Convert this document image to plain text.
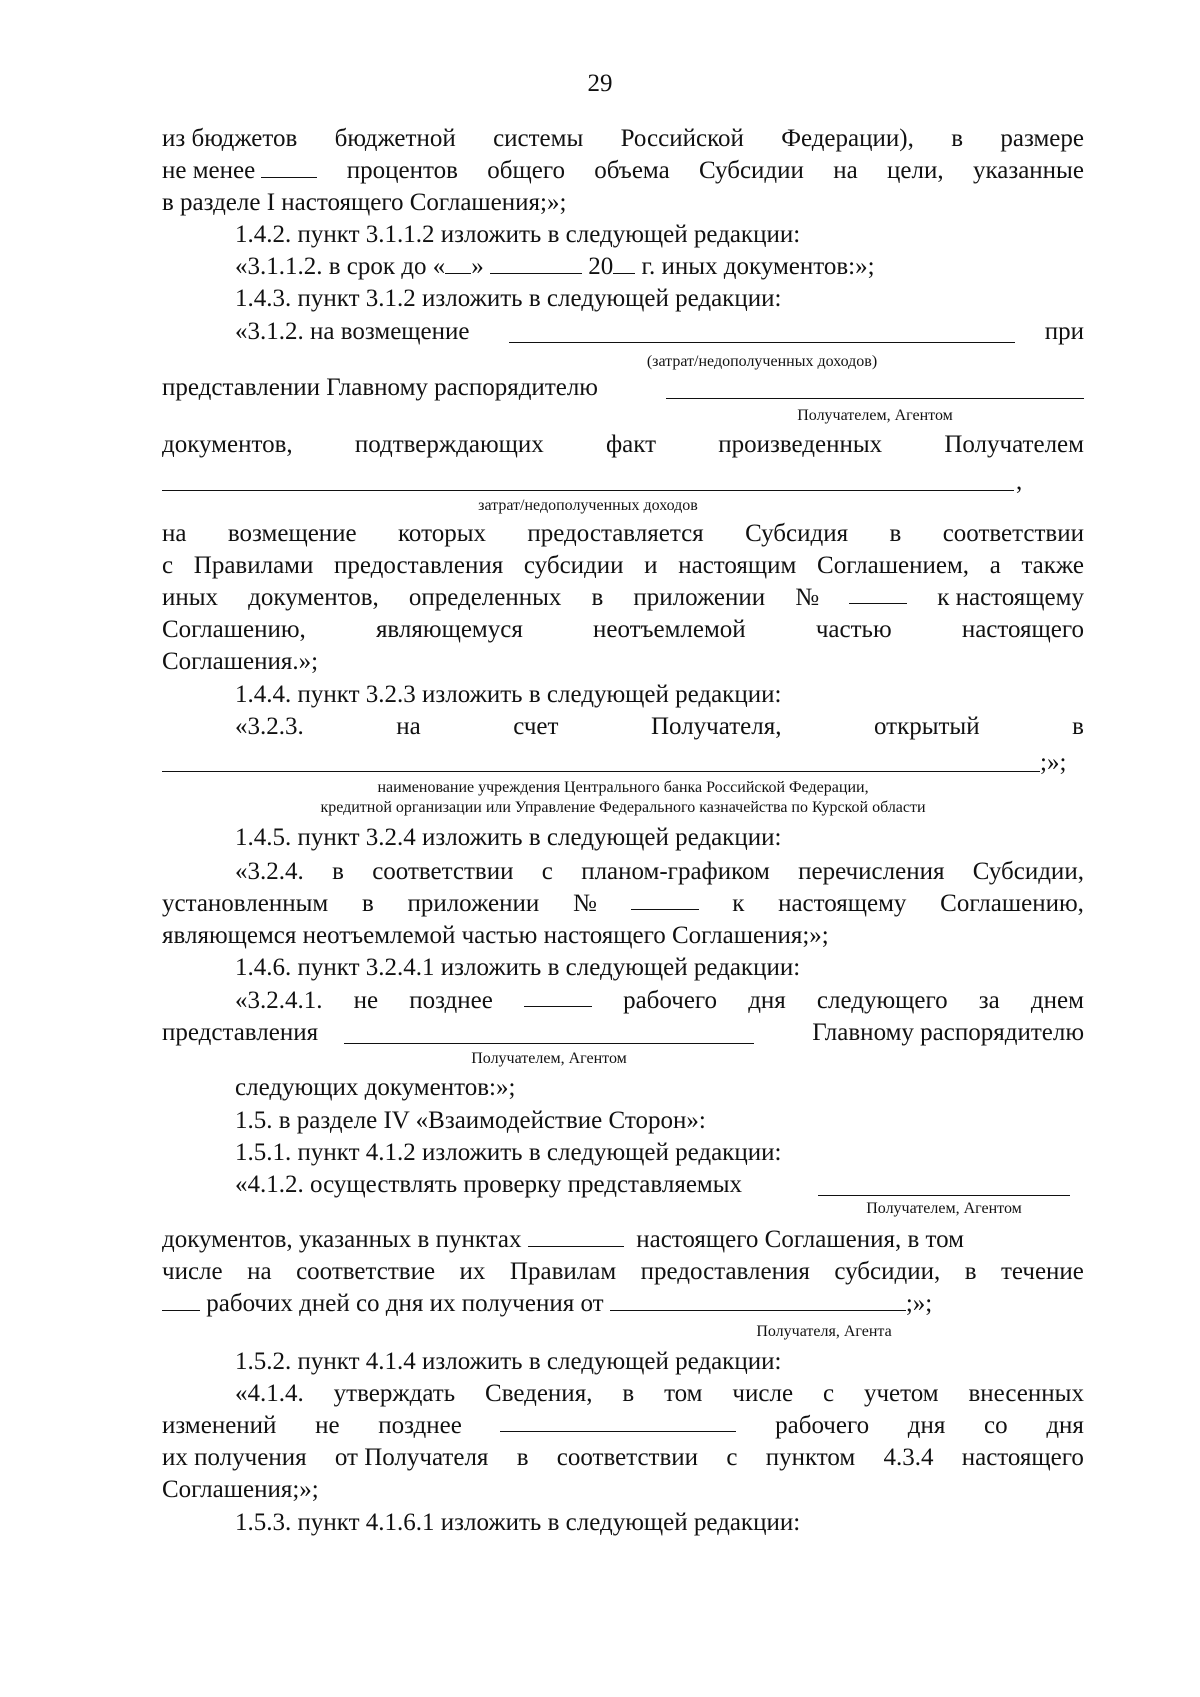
29
из бюджетов бюджетной системы Российской Федерации), в размере
не менее	процентов общего объема Субсидии на цели, указанные
в разделе I настоящего Соглашения;»;
1.4.2. пункт 3.1.1.2 изложить в следующей редакции:
«3.1.1.2. в срок до « »	20 г. иных документов:»;
1.4.3. пункт 3.1.2 изложить в следующей редакции:
«3.1.2. на возмещение	при
(затрат/недополученных доходов)
представлении Главному распорядителю
Получателем, Агентом
документов, подтверждающих факт произведенных Получателем
,
затрат/недополученных доходов
на возмещение которых предоставляется Субсидия в соответствии
с Правилами предоставления субсидии и настоящим Соглашением, а также
иных документов, определенных в приложении №	к настоящему
Соглашению,	являющемуся	неотъемлемой	частью	настоящего
Соглашения.»;
1.4.4. пункт 3.2.3 изложить в следующей редакции:
«3.2.3.	на	счет	Получателя,	открытый	в
;»;
наименование учреждения Центрального банка Российской Федерации,
кредитной организации или Управление Федерального казначейства по Курской области
1.4.5. пункт 3.2.4 изложить в следующей редакции:
«3.2.4. в соответствии с планом-графиком перечисления Субсидии,
установленным в приложении №	к настоящему Соглашению,
являющемся неотъемлемой частью настоящего Соглашения;»;
1.4.6. пункт 3.2.4.1 изложить в следующей редакции:
«3.2.4.1. не позднее	рабочего дня следующего за днем
представления	Главному распорядителю
Получателем, Агентом
следующих документов:»;
1.5. в разделе IV «Взаимодействие Сторон»:
1.5.1. пункт 4.1.2 изложить в следующей редакции:
«4.1.2. осуществлять проверку представляемых
Получателем, Агентом
документов, указанных в пунктах	настоящего Соглашения, в том
числе на соответствие их Правилам предоставления субсидии, в течение
рабочих дней со дня их получения от	;»;
Получателя, Агента
1.5.2. пункт 4.1.4 изложить в следующей редакции:
«4.1.4. утверждать Сведения, в том числе с учетом внесенных
изменений не позднее	рабочего дня со дня
их получения от Получателя в соответствии с пунктом 4.3.4 настоящего
Соглашения;»;
1.5.3. пункт 4.1.6.1 изложить в следующей редакции:
